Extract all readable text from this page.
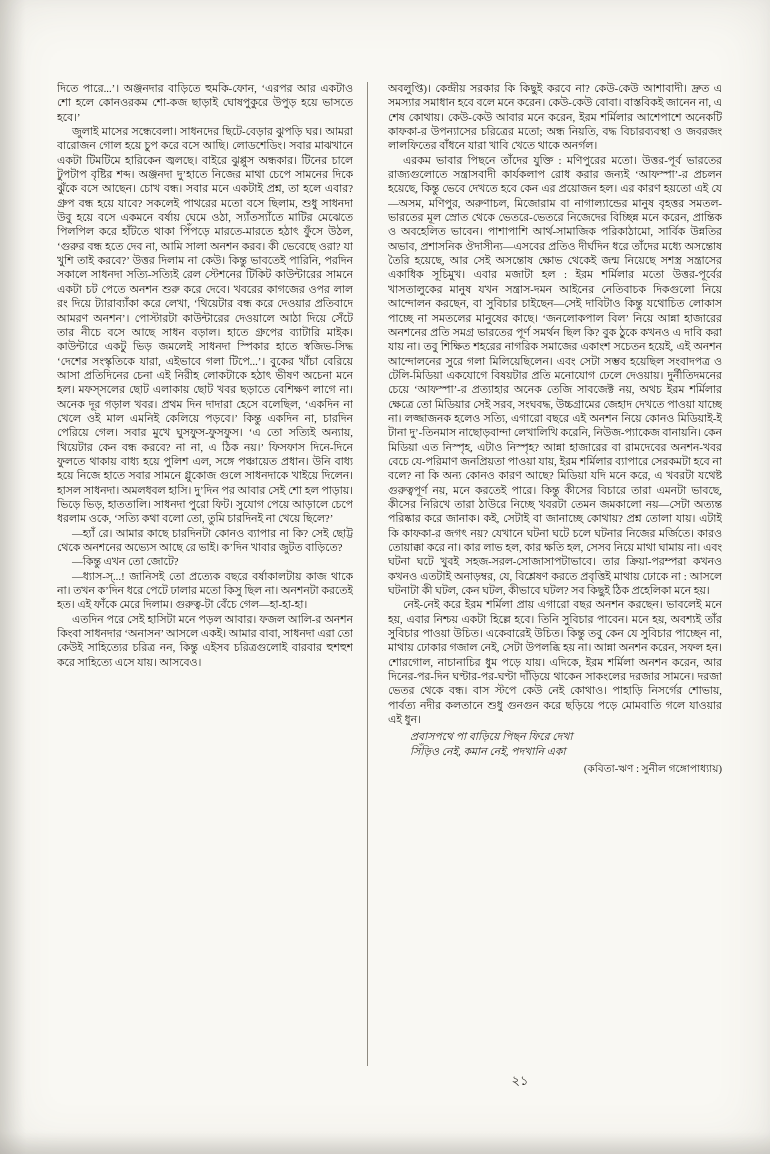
দিতে পারে...’। অঞ্জনদার বাড়িতে হুমকি-ফোন, ‘এরপর আর একটাও শো হলে কোনওরকম শো-কজ ছাড়াই ঘোষপুকুরে উপুড় হয়ে ভাসতে হবে।’

জুলাই মাসের সন্ধেবেলা। সাধনদের ছিটে-বেড়ার ঝুপড়ি ঘর। আমরা বারোজন গোল হয়ে চুপ করে বসে আছি। লোডশেডিং। সবার মাঝখানে একটা টিমটিমে হারিকেন জ্বলছে। বাইরে ঝুপ্পুস অন্ধকার। টিনের চালে টুপটাপ বৃষ্টির শব্দ। অঞ্জনদা দু’হাতে নিজের মাথা চেপে সামনের দিকে ঝুঁকে বসে আছেন। চোখ বন্ধ। সবার মনে একটাই প্রশ্ন, তা হলে এবার? গ্রুপ বন্ধ হয়ে যাবে? সকলেই পাথরের মতো বসে ছিলাম, শুধু সাধনদা উবু হয়ে বসে একমনে বর্ষায় ঘেমে ওঠা, স্যাঁতস্যাঁতে মাটির মেঝেতে পিলপিল করে হাঁটতে থাকা পিঁপড়ে মারতে-মারতে হঠাৎ ফুঁসে উঠল, ‘গুরুর বন্ধ হতে দেব না, আমি সালা অনশন করব। কী ভেবেছে ওরা? যা খুশি তাই করবে?’ উত্তর দিলাম না কেউ। কিন্তু ভাবতেই পারিনি, পরদিন সকালে সাধনদা সত্যি-সত্যিই রেল স্টেশনের টিকিট কাউন্টারের সামনে একটা চট পেতে অনশন শুরু করে দেবে। খবরের কাগজের ওপর লাল রং দিয়ে ট্যারাব্যাঁকা করে লেখা, ‘থিয়েটার বন্ধ করে দেওয়ার প্রতিবাদে আমরণ অনশন’। পোস্টারটা কাউন্টারের দেওয়ালে আঠা দিয়ে সেঁটে তার নীচে বসে আছে সাধন বড়াল। হাতে গ্রুপের ব্যাটারি মাইক। কাউন্টারে একটু ভিড় জমলেই সাধনদা স্পিকার হাতে স্বজিভ-সিদ্ধ ‘দেশের সংস্কৃতিকে যারা, এইভাবে গলা টিপে...’। বুকের খাঁচা বেরিয়ে আসা প্রতিদিনের চেনা এই নিরীহ লোকটাকে হঠাৎ ভীষণ অচেনা মনে হল। মফস্সলের ছোট এলাকায় ছোট খবর ছড়াতে বেশিক্ষণ লাগে না। অনেক দূর গড়াল খবর। প্রথম দিন দাদারা হেসে বলেছিল, ‘একদিন না খেলে ওই মাল এমনিই কেলিয়ে পড়বে।’ কিন্তু একদিন না, চারদিন পেরিয়ে গেল। সবার মুখে ঘুসফুস-ফুসফুস। ‘এ তো সত্যিই অন্যায়, থিয়েটার কেন বন্ধ করবে? না না, এ ঠিক নয়।’ ফিসফাস দিনে-দিনে ফুলতে থাকায় বাধ্য হয়ে পুলিশ এল, সঙ্গে পঞ্চায়েত প্রধান। উনি বাধ্য হয়ে নিজে হাতে সবার সামনে গ্লুকোজ গুলে সাধনদাকে খাইয়ে দিলেন। হাসল সাধনদা। অমলধবল হাসি। দু’দিন পর আবার সেই শো হল পাড়ায়। ভিড়ে ভিড়, হাততালি। সাধনদা পুরো ফিট। সুযোগ পেয়ে আড়ালে চেপে ধরলাম ওকে, ‘সত্যি কথা বলো তো, তুমি চারদিনই না খেয়ে ছিলে?’

—হ্যাঁ রে। আমার কাছে চারদিনটা কোনও ব্যাপার না কি? সেই ছোট্ট থেকে অনশনের অভ্যেস আছে রে ভাই। ক’দিন খাবার জুটত বাড়িতে?

—কিন্তু এখন তো জোটে?

—ধ্যাস-স্...! জানিসই তো প্রত্যেক বছরে বর্ষাকালটায় কাজ থাকে না। তখন ক’দিন ধরে পেটে ঢালার মতো কিসু ছিল না। অনশনটা করতেই হত। এই ফাঁকে মেরে দিলাম। গুরুত্ব-টা বেঁচে গেল—হা-হা-হা।

এতদিন পরে সেই হাসিটা মনে পড়ল আবার। ফজল আলি-র অনশন কিংবা সাধনদার ‘অনাসন’ আসলে একই। আমার বাবা, সাধনদা এরা তো কেউই সাহিত্যের চরিত্র নন, কিন্তু এইসব চরিত্রগুলোই বারবার হুশহুশ করে সাহিত্যে এসে যায়। আসবেও।

অবলুপ্তি)। কেন্দ্রীয় সরকার কি কিছুই করবে না? কেউ-কেউ আশাবাদী। দ্রুত এ সমস্যার সমাধান হবে বলে মনে করেন। কেউ-কেউ বোবা। বাস্তবিকই জানেন না, এ শেষ কোথায়। কেউ-কেউ আবার মনে করেন, ইরম শর্মিলার আশেপাশে অনেকটি কাফকা-র উপন্যাসের চরিত্রের মতো; অন্ধ নিয়তি, বদ্ধ বিচারব্যবস্থা ও জবরজং লালফিতের বাঁধনে যারা খাবি খেতে থাকে অনর্গল।

এরকম ভাবার পিছনে তাঁদের যুক্তি : মণিপুরের মতো। উত্তর-পূর্ব ভারতের রাজ্যগুলোতে সন্ত্রাসবাদী কার্যকলাপ রোধ করার জন্যই ‘আফস্পা’-র প্রচলন হয়েছে, কিন্তু ভেবে দেখতে হবে কেন এর প্রয়োজন হল। এর কারণ হয়তো এই যে—অসম, মণিপুর, অরুণাচল, মিজোরাম বা নাগাল্যান্ডের মানুষ বৃহত্তর সমতল-ভারতের মূল স্রোত থেকে ভেতরে-ভেতরে নিজেদের বিচ্ছিন্ন মনে করেন, প্রান্তিক ও অবহেলিত ভাবেন। পাশাপাশি আর্থ-সামাজিক পরিকাঠামো, সার্বিক উন্নতির অভাব, প্রশাসনিক ঔদাসীন্য—এসবের প্রতিও দীর্ঘদিন ধরে তাঁদের মধ্যে অসন্তোষ তৈরি হয়েছে, আর সেই অসন্তোষ ক্ষোভ থেকেই জন্ম নিয়েছে সশস্ত্র সন্ত্রাসের একাধিক সূচিমুখ। এবার মজাটা হল : ইরম শর্মিলার মতো উত্তর-পূর্বের খাসতালুকের মানুষ যখন সন্ত্রাস-দমন আইনের নেতিবাচক দিকগুলো নিয়ে আন্দোলন করছেন, বা সুবিচার চাইছেন—সেই দাবিটাও কিন্তু যথোচিত লোকাস পাচ্ছে না সমতলের মানুষের কাছে। ‘জনলোকপাল বিল’ নিয়ে আন্না হাজারের অনশনের প্রতি সমগ্র ভারতের পূর্ণ সমর্থন ছিল কি? বুক ঠুকে কখনও এ দাবি করা যায় না। তবু শিক্ষিত শহরের নাগরিক সমাজের একাংশ সচেতন হয়েই, এই অনশন আন্দোলনের সুরে গলা মিলিয়েছিলেন। এবং সেটা সম্ভব হয়েছিল সংবাদপত্র ও টেলি-মিডিয়া একযোগে বিষয়টার প্রতি মনোযোগ ঢেলে দেওয়ায়। দুর্নীতিদমনের চেয়ে ‘আফস্পা’-র প্রত্যাহার অনেক তেজি সাবজেক্ট নয়, অথচ ইরম শর্মিলার ক্ষেত্রে তো মিডিয়ার সেই সরব, সংঘবদ্ধ, উচ্চগ্রামের জেহাদ দেখতে পাওয়া যাচ্ছে না। লজ্জাজনক হলেও সত্যি, এগারো বছরে এই অনশন নিয়ে কোনও মিডিয়াই-ই টানা দু’-তিনমাস নাছোড়বান্দা লেখালিখি করেনি, নিউজ-প্যাকেজ বানায়নি। কেন মিডিয়া এত নিস্পৃহ, এটাও নিস্পৃহ? আন্না হাজারের বা রামদেবের অনশন-খবর বেচে যে-পরিমাণ জনপ্রিয়তা পাওয়া যায়, ইরম শর্মিলার ব্যাপারে সেরকমটা হবে না বলে? না কি অন্য কোনও কারণ আছে? মিডিয়া যদি মনে করে, এ খবরটা যথেষ্ট গুরুত্বপূর্ণ নয়, মনে করতেই পারে। কিন্তু কীসের বিচারে তারা এমনটা ভাবছে, কীসের নিরিখে তারা ঠাউরে নিচ্ছে খবরটা তেমন জমকালো নয়—সেটা অত্যন্ত পরিষ্কার করে জানাক। কই, সেটাই বা জানাচ্ছে কোথায়? প্রশ্ন তোলা যায়। এটাই কি কাফকা-র জগৎ নয়? যেখানে ঘটনা ঘটে চলে ঘটনার নিজের মর্জিতে। কারও তোয়াক্কা করে না। কার লাভ হল, কার ক্ষতি হল, সেসব নিয়ে মাথা ঘামায় না। এবং ঘটনা ঘটে খুবই সহজ-সরল-সোজাসাপটাভাবে। তার ক্রিয়া-পরম্পরা কখনও কখনও এতটাই অনাড়ম্বর, যে, বিশ্লেষণ করতে প্রবৃত্তিই মাথায় ঢোকে না : আসলে ঘটনাটা কী ঘটল, কেন ঘটল, কীভাবে ঘটল? সব কিছুই ঠিক প্রহেলিকা মনে হয়।

নেই-নেই করে ইরম শর্মিলা প্রায় এগারো বছর অনশন করছেন। ভাবলেই মনে হয়, এবার নিশ্চয় একটা হিল্লে হবে। তিনি সুবিচার পাবেন। মনে হয়, অবশ্যই তাঁর সুবিচার পাওয়া উচিত। একেবারেই উচিত। কিন্তু তবু কেন যে সুবিচার পাচ্ছেন না, মাথায় ঢোকার গজাল নেই, সেটা উপলব্ধি হয় না। আন্না অনশন করেন, সফল হন। শোরগোল, নাচানাচির ধুম পড়ে যায়। এদিকে, ইরম শর্মিলা অনশন করেন, আর দিনের-পর-দিন ঘণ্টার-পর-ঘণ্টা দাঁড়িয়ে থাকেন সাকংলের দরজার সামনে। দরজা ভেতর থেকে বন্ধ। বাস স্টপে কেউ নেই কোথাও। পাহাড়ি নিসর্গের শোভায়, পার্বত্য নদীর কলতানে শুধু গুনগুন করে ছড়িয়ে পড়ে মোমবাতি গলে যাওয়ার এই ধুন।

প্রবাসপথে পা বাড়িয়ে পিছন ফিরে দেখা
সিঁড়িও নেই, কমান নেই, পদখানি একা
(কবিতা-ঋণ : সুনীল গঙ্গোপাধ্যায়)
২১
